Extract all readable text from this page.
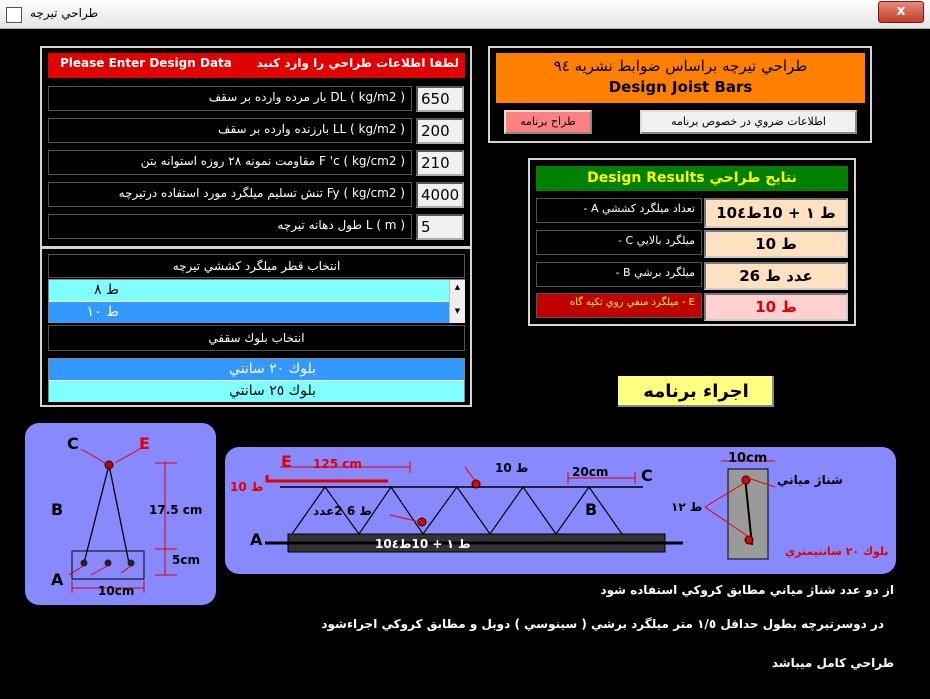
طراحي تيرچه	x
لطفا اطلاعات طراحي را وارد كنيد
Please Enter Design Data
DL ( kg/m2 ) بار مرده وارده بر سقف	650
LL ( kg/m2 ) بارزنده وارده بر سقف	200
F 'c ( kg/cm2 ) مقاومت نمونه ٢٨ روزه استوانه بتن	210
Fy ( kg/cm2 ) تنش تسليم ميلگرد مورد استفاده درتيرچه	4000
L ( m ) طول دهانه تيرچه	5
انتخاب قطر ميلگرد كششي تيرچه
ط ٨
ط ١٠
▲
▼
انتخاب بلوك سقفي
بلوك ٢٠ سانتي
بلوك ٢٥ سانتي
طراحي تيرچه براساس ضوابط نشريه ٩٤
Design Joist Bars
طراح برنامه	اطلاعات ضروي در خصوص برنامه
Design Results نتايج طراحي
تعداد ميلگرد كششي A -	10ط ١ + 10ط٤
ميلگرد بالايي C -	ط 10
ميلگرد برشي B -	2عدد ط 6
E - ميلگرد منفي روي تكيه گاه	ط 10
اجراء برنامه
C	E
B
A
17.5 cm
5cm
10cm
E 125 cm
10 ط
ط 10	20cm C
ط 6 2عدد	B
A	10ط ١ + 10ط٤
10cm
شناژ مياني
ط ١٢
بلوك ٢٠ سانتيمتري
از دو عدد شناژ مياني مطابق كروكي استفاده شود
در دوسرتيرچه بطول حداقل ١/٥ متر ميلگرد برشي ( سينوسي ) دوبل و مطابق كروكي اجراءشود
طراحي كامل ميباشد
